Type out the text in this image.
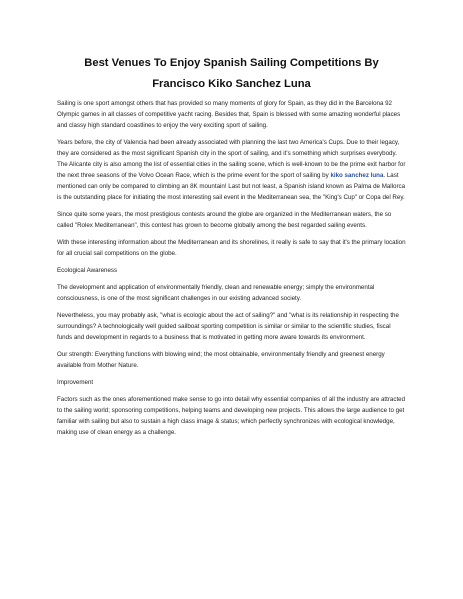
Best Venues To Enjoy Spanish Sailing Competitions By
Francisco Kiko Sanchez Luna

Sailing is one sport amongst others that has provided so many moments of glory for Spain, as they did in the Barcelona 92 Olympic games in all classes of competitive yacht racing. Besides that, Spain is blessed with some amazing wonderful places and classy high standard coastlines to enjoy the very exciting sport of sailing.

Years before, the city of Valencia had been already associated with planning the last two America's Cups. Due to their legacy, they are considered as the most significant Spanish city in the sport of sailing, and it's something which surprises everybody. The Alicante city is also among the list of essential cities in the sailing scene, which is well-known to be the prime exit harbor for the next three seasons of the Volvo Ocean Race, which is the prime event for the sport of sailing by kiko sanchez luna. Last mentioned can only be compared to climbing an 8K mountain! Last but not least, a Spanish island known as Palma de Mallorca is the outstanding place for initiating the most interesting sail event in the Mediterranean sea, the "King's Cup" or Copa del Rey.

Since quite some years, the most prestigious contests around the globe are organized in the Mediterranean waters, the so called "Rolex Mediterranean", this contest has grown to become globally among the best regarded sailing events.

With these interesting information about the Mediterranean and its shorelines, it really is safe to say that it's the primary location for all crucial sail competitions on the globe.

Ecological Awareness

The development and application of environmentally friendly, clean and renewable energy; simply the environmental consciousness, is one of the most significant challenges in our existing advanced society.

Nevertheless, you may probably ask, "what is ecologic about the act of sailing?" and "what is its relationship in respecting the surroundings? A technologically well guided sailboat sporting competition is similar or similar to the scientific studies, fiscal funds and development in regards to a business that is motivated in getting more aware towards its environment.

Our strength: Everything functions with blowing wind; the most obtainable, environmentally friendly and greenest energy available from Mother Nature.

Improvement

Factors such as the ones aforementioned make sense to go into detail why essential companies of all the industry are attracted to the sailing world; sponsoring competitions, helping teams and developing new projects. This allows the large audience to get familiar with sailing but also to sustain a high class image & status; which perfectly synchronizes with ecological knowledge, making use of clean energy as a challenge.
